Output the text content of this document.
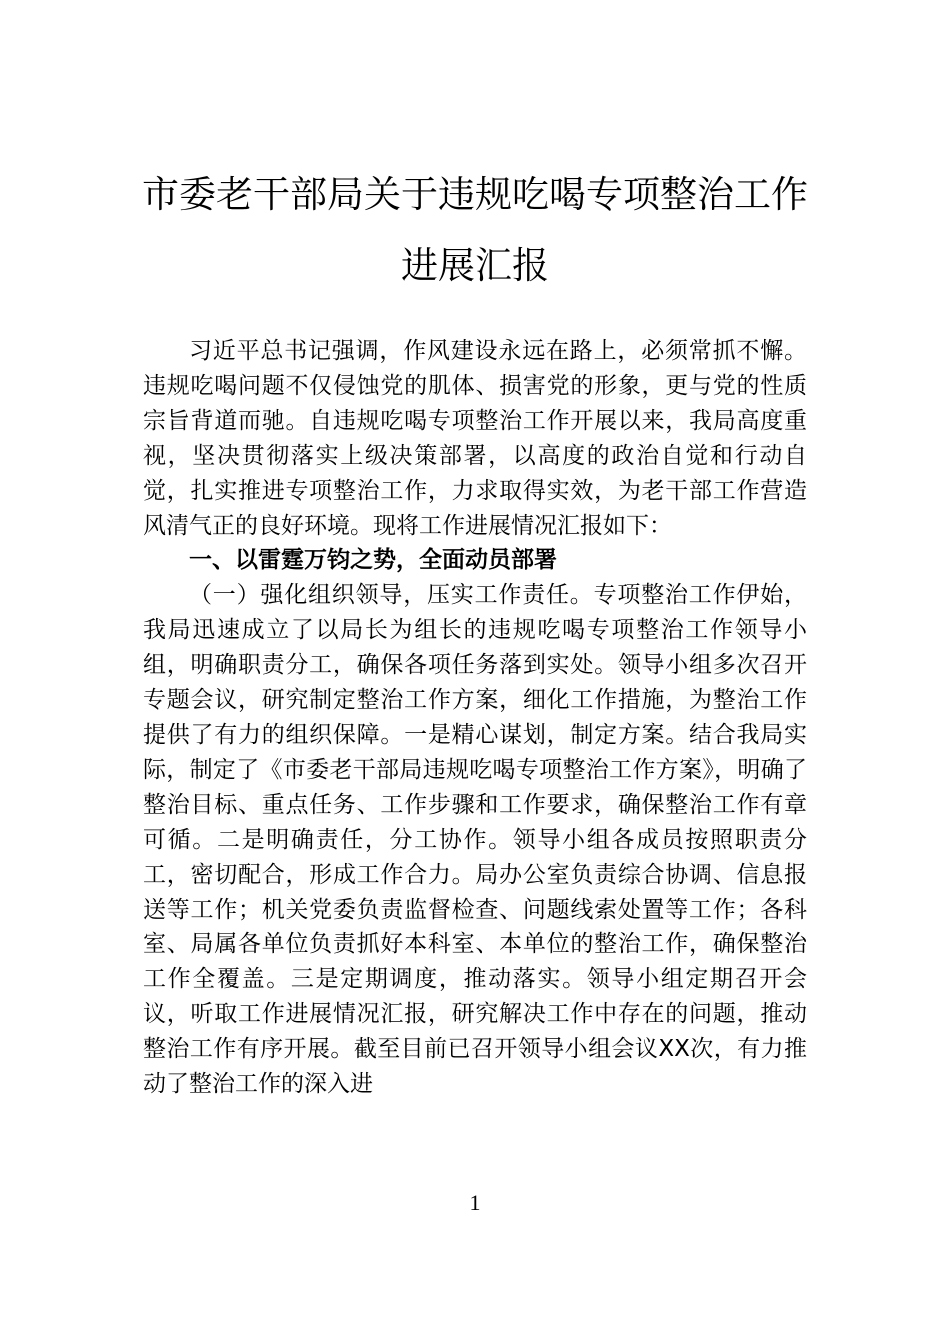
市委老干部局关于违规吃喝专项整治工作
进展汇报

习近平总书记强调，作风建设永远在路上，必须常抓不懈。违规吃喝问题不仅侵蚀党的肌体、损害党的形象，更与党的性质宗旨背道而驰。自违规吃喝专项整治工作开展以来，我局高度重视，坚决贯彻落实上级决策部署，以高度的政治自觉和行动自觉，扎实推进专项整治工作，力求取得实效，为老干部工作营造风清气正的良好环境。现将工作进展情况汇报如下：

一、以雷霆万钧之势，全面动员部署

（一）强化组织领导，压实工作责任。专项整治工作伊始，我局迅速成立了以局长为组长的违规吃喝专项整治工作领导小组，明确职责分工，确保各项任务落到实处。领导小组多次召开专题会议，研究制定整治工作方案，细化工作措施，为整治工作提供了有力的组织保障。一是精心谋划，制定方案。结合我局实际，制定了《市委老干部局违规吃喝专项整治工作方案》，明确了整治目标、重点任务、工作步骤和工作要求，确保整治工作有章可循。二是明确责任，分工协作。领导小组各成员按照职责分工，密切配合，形成工作合力。局办公室负责综合协调、信息报送等工作；机关党委负责监督检查、问题线索处置等工作；各科室、局属各单位负责抓好本科室、本单位的整治工作，确保整治工作全覆盖。三是定期调度，推动落实。领导小组定期召开会议，听取工作进展情况汇报，研究解决工作中存在的问题，推动整治工作有序开展。截至目前已召开领导小组会议XX次，有力推动了整治工作的深入进

1
